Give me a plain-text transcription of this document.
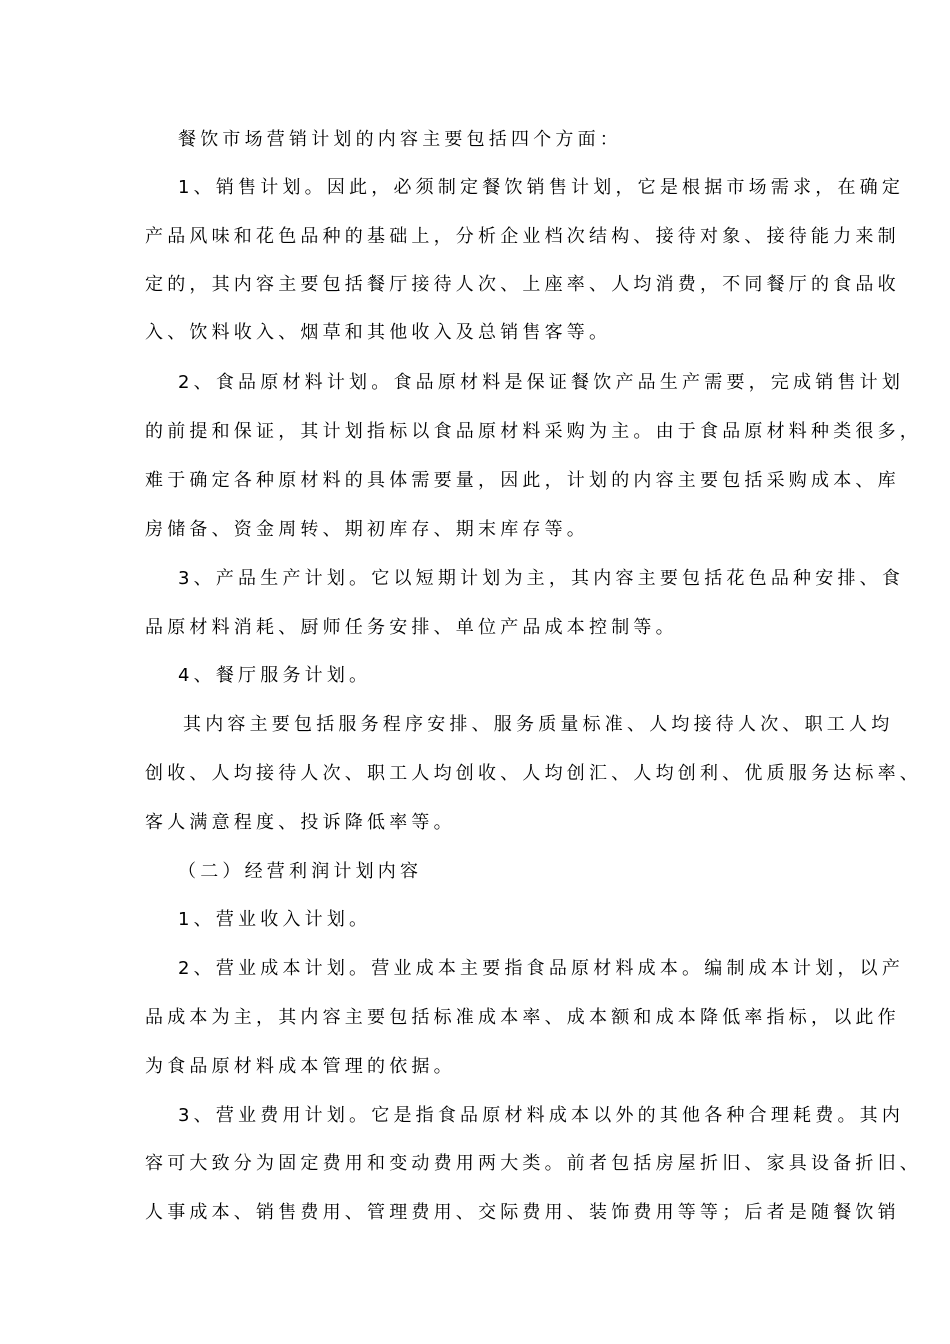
餐饮市场营销计划的内容主要包括四个方面：
1、销售计划。因此，必须制定餐饮销售计划，它是根据市场需求，在确定
产品风味和花色品种的基础上，分析企业档次结构、接待对象、接待能力来制
定的，其内容主要包括餐厅接待人次、上座率、人均消费，不同餐厅的食品收
入、饮料收入、烟草和其他收入及总销售客等。
2、食品原材料计划。食品原材料是保证餐饮产品生产需要，完成销售计划
的前提和保证，其计划指标以食品原材料采购为主。由于食品原材料种类很多，
难于确定各种原材料的具体需要量，因此，计划的内容主要包括采购成本、库
房储备、资金周转、期初库存、期末库存等。
3、产品生产计划。它以短期计划为主，其内容主要包括花色品种安排、食
品原材料消耗、厨师任务安排、单位产品成本控制等。
4、餐厅服务计划。
其内容主要包括服务程序安排、服务质量标准、人均接待人次、职工人均
创收、人均接待人次、职工人均创收、人均创汇、人均创利、优质服务达标率、
客人满意程度、投诉降低率等。
（二）经营利润计划内容
1、营业收入计划。
2、营业成本计划。营业成本主要指食品原材料成本。编制成本计划，以产
品成本为主，其内容主要包括标准成本率、成本额和成本降低率指标，以此作
为食品原材料成本管理的依据。
3、营业费用计划。它是指食品原材料成本以外的其他各种合理耗费。其内
容可大致分为固定费用和变动费用两大类。前者包括房屋折旧、家具设备折旧、
人事成本、销售费用、管理费用、交际费用、装饰费用等等；后者是随餐饮销
